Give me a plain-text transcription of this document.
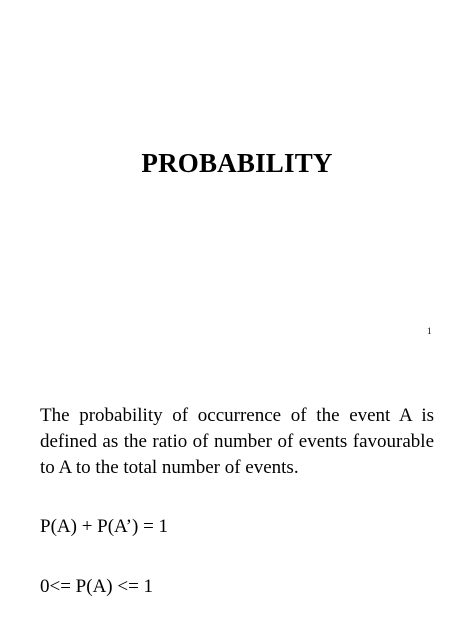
PROBABILITY
1

The probability of occurrence of the event A is defined as the ratio of number of events favourable to A to the total number of events.

P(A) + P(A’) = 1

0<= P(A) <= 1
